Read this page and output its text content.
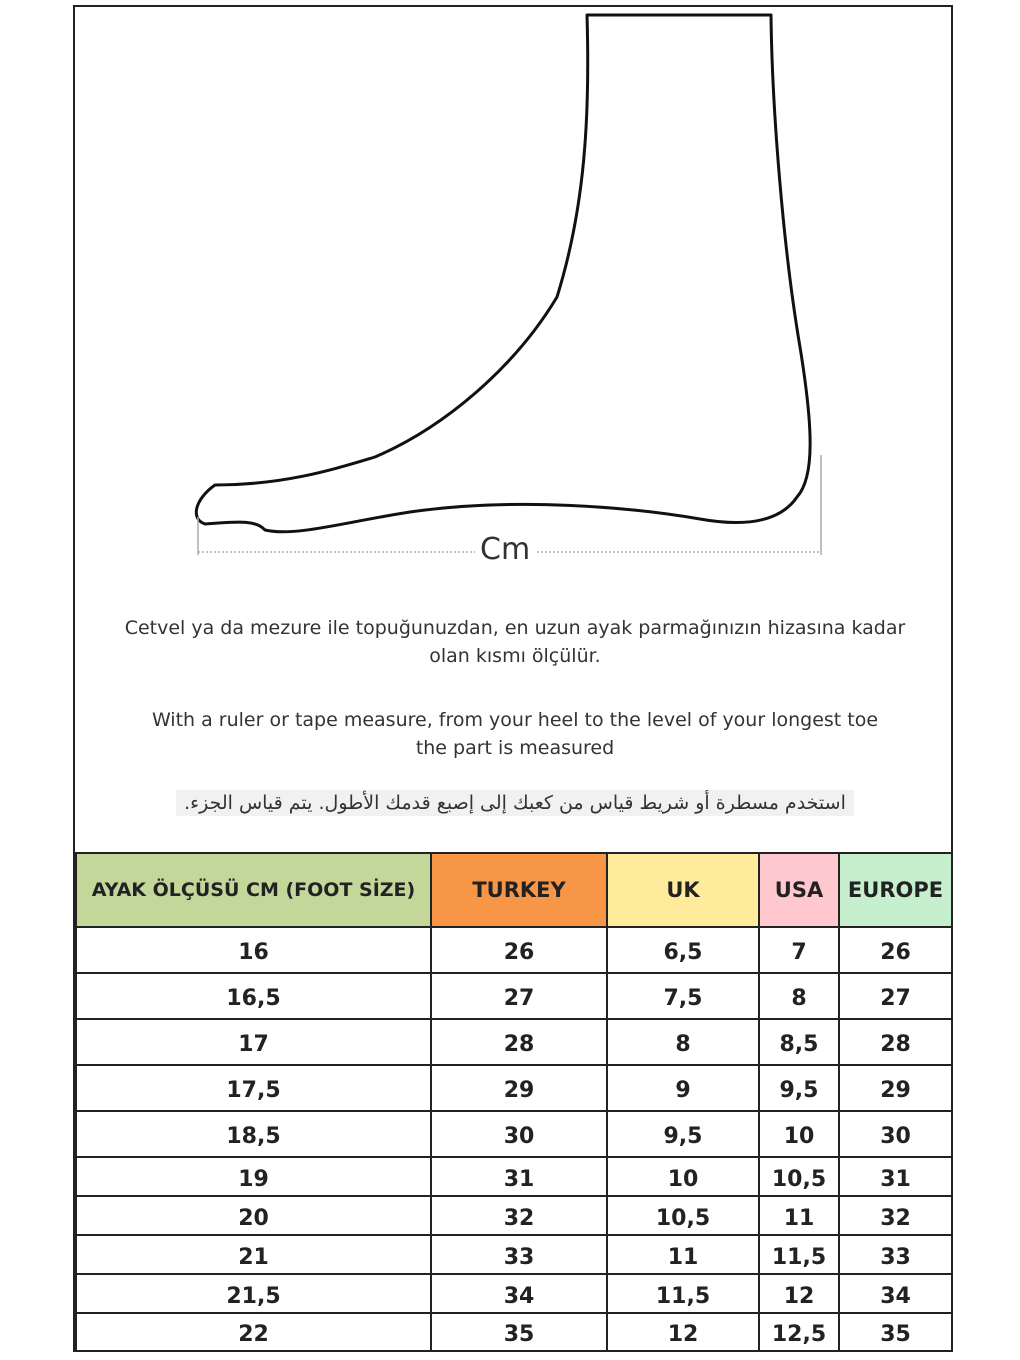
Cm
Cetvel ya da mezure ile topuğunuzdan, en uzun ayak parmağınızın hizasına kadar
olan kısmı ölçülür.
With a ruler or tape measure, from your heel to the level of your longest toe
the part is measured
استخدم مسطرة أو شريط قياس من كعبك إلى إصبع قدمك الأطول. يتم قياس الجزء.
AYAK ÖLÇÜSÜ CM (FOOT SİZE)	TURKEY	UK	USA	EUROPE
16	26	6,5	7	26
16,5	27	7,5	8	27
17	28	8	8,5	28
17,5	29	9	9,5	29
18,5	30	9,5	10	30
19	31	10	10,5	31
20	32	10,5	11	32
21	33	11	11,5	33
21,5	34	11,5	12	34
22	35	12	12,5	35
